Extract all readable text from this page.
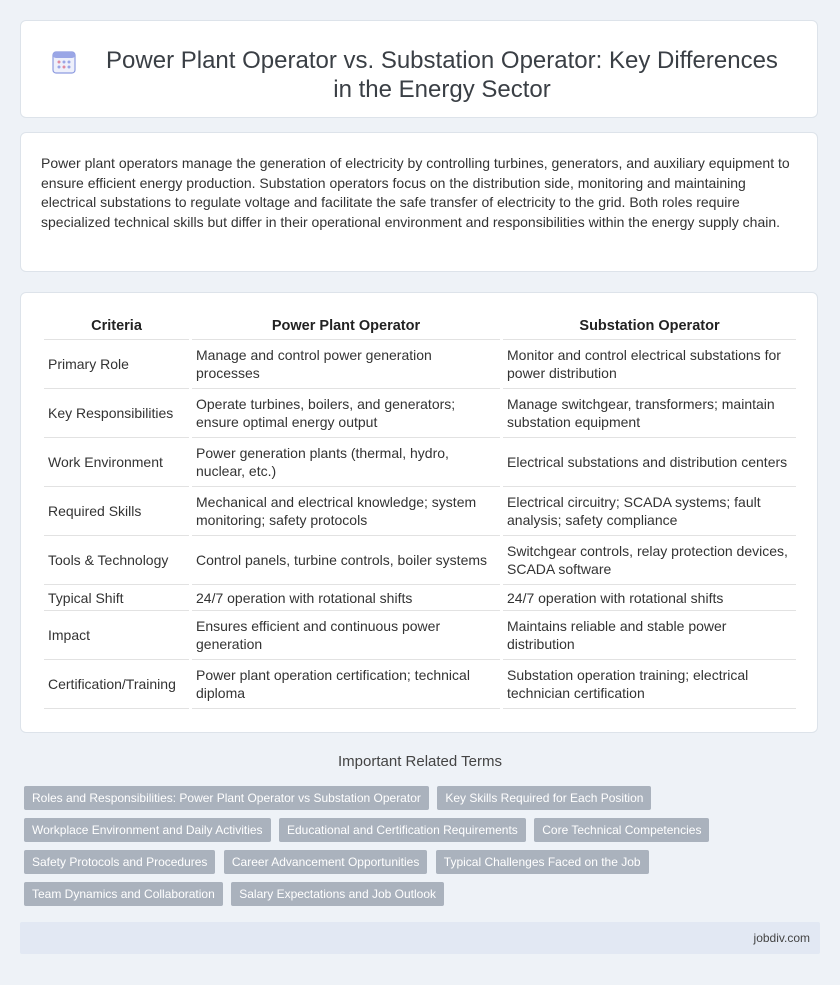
Power Plant Operator vs. Substation Operator: Key Differences in the Energy Sector

Power plant operators manage the generation of electricity by controlling turbines, generators, and auxiliary equipment to ensure efficient energy production. Substation operators focus on the distribution side, monitoring and maintaining electrical substations to regulate voltage and facilitate the safe transfer of electricity to the grid. Both roles require specialized technical skills but differ in their operational environment and responsibilities within the energy supply chain.

Criteria	Power Plant Operator	Substation Operator
Primary Role	Manage and control power generation processes	Monitor and control electrical substations for power distribution
Key Responsibilities	Operate turbines, boilers, and generators; ensure optimal energy output	Manage switchgear, transformers; maintain substation equipment
Work Environment	Power generation plants (thermal, hydro, nuclear, etc.)	Electrical substations and distribution centers
Required Skills	Mechanical and electrical knowledge; system monitoring; safety protocols	Electrical circuitry; SCADA systems; fault analysis; safety compliance
Tools & Technology	Control panels, turbine controls, boiler systems	Switchgear controls, relay protection devices, SCADA software
Typical Shift	24/7 operation with rotational shifts	24/7 operation with rotational shifts
Impact	Ensures efficient and continuous power generation	Maintains reliable and stable power distribution
Certification/Training	Power plant operation certification; technical diploma	Substation operation training; electrical technician certification
Important Related Terms
Roles and Responsibilities: Power Plant Operator vs Substation Operator Key Skills Required for Each Position Workplace Environment and Daily Activities Educational and Certification Requirements Core Technical Competencies Safety Protocols and Procedures Career Advancement Opportunities Typical Challenges Faced on the Job Team Dynamics and Collaboration Salary Expectations and Job Outlook
jobdiv.com
